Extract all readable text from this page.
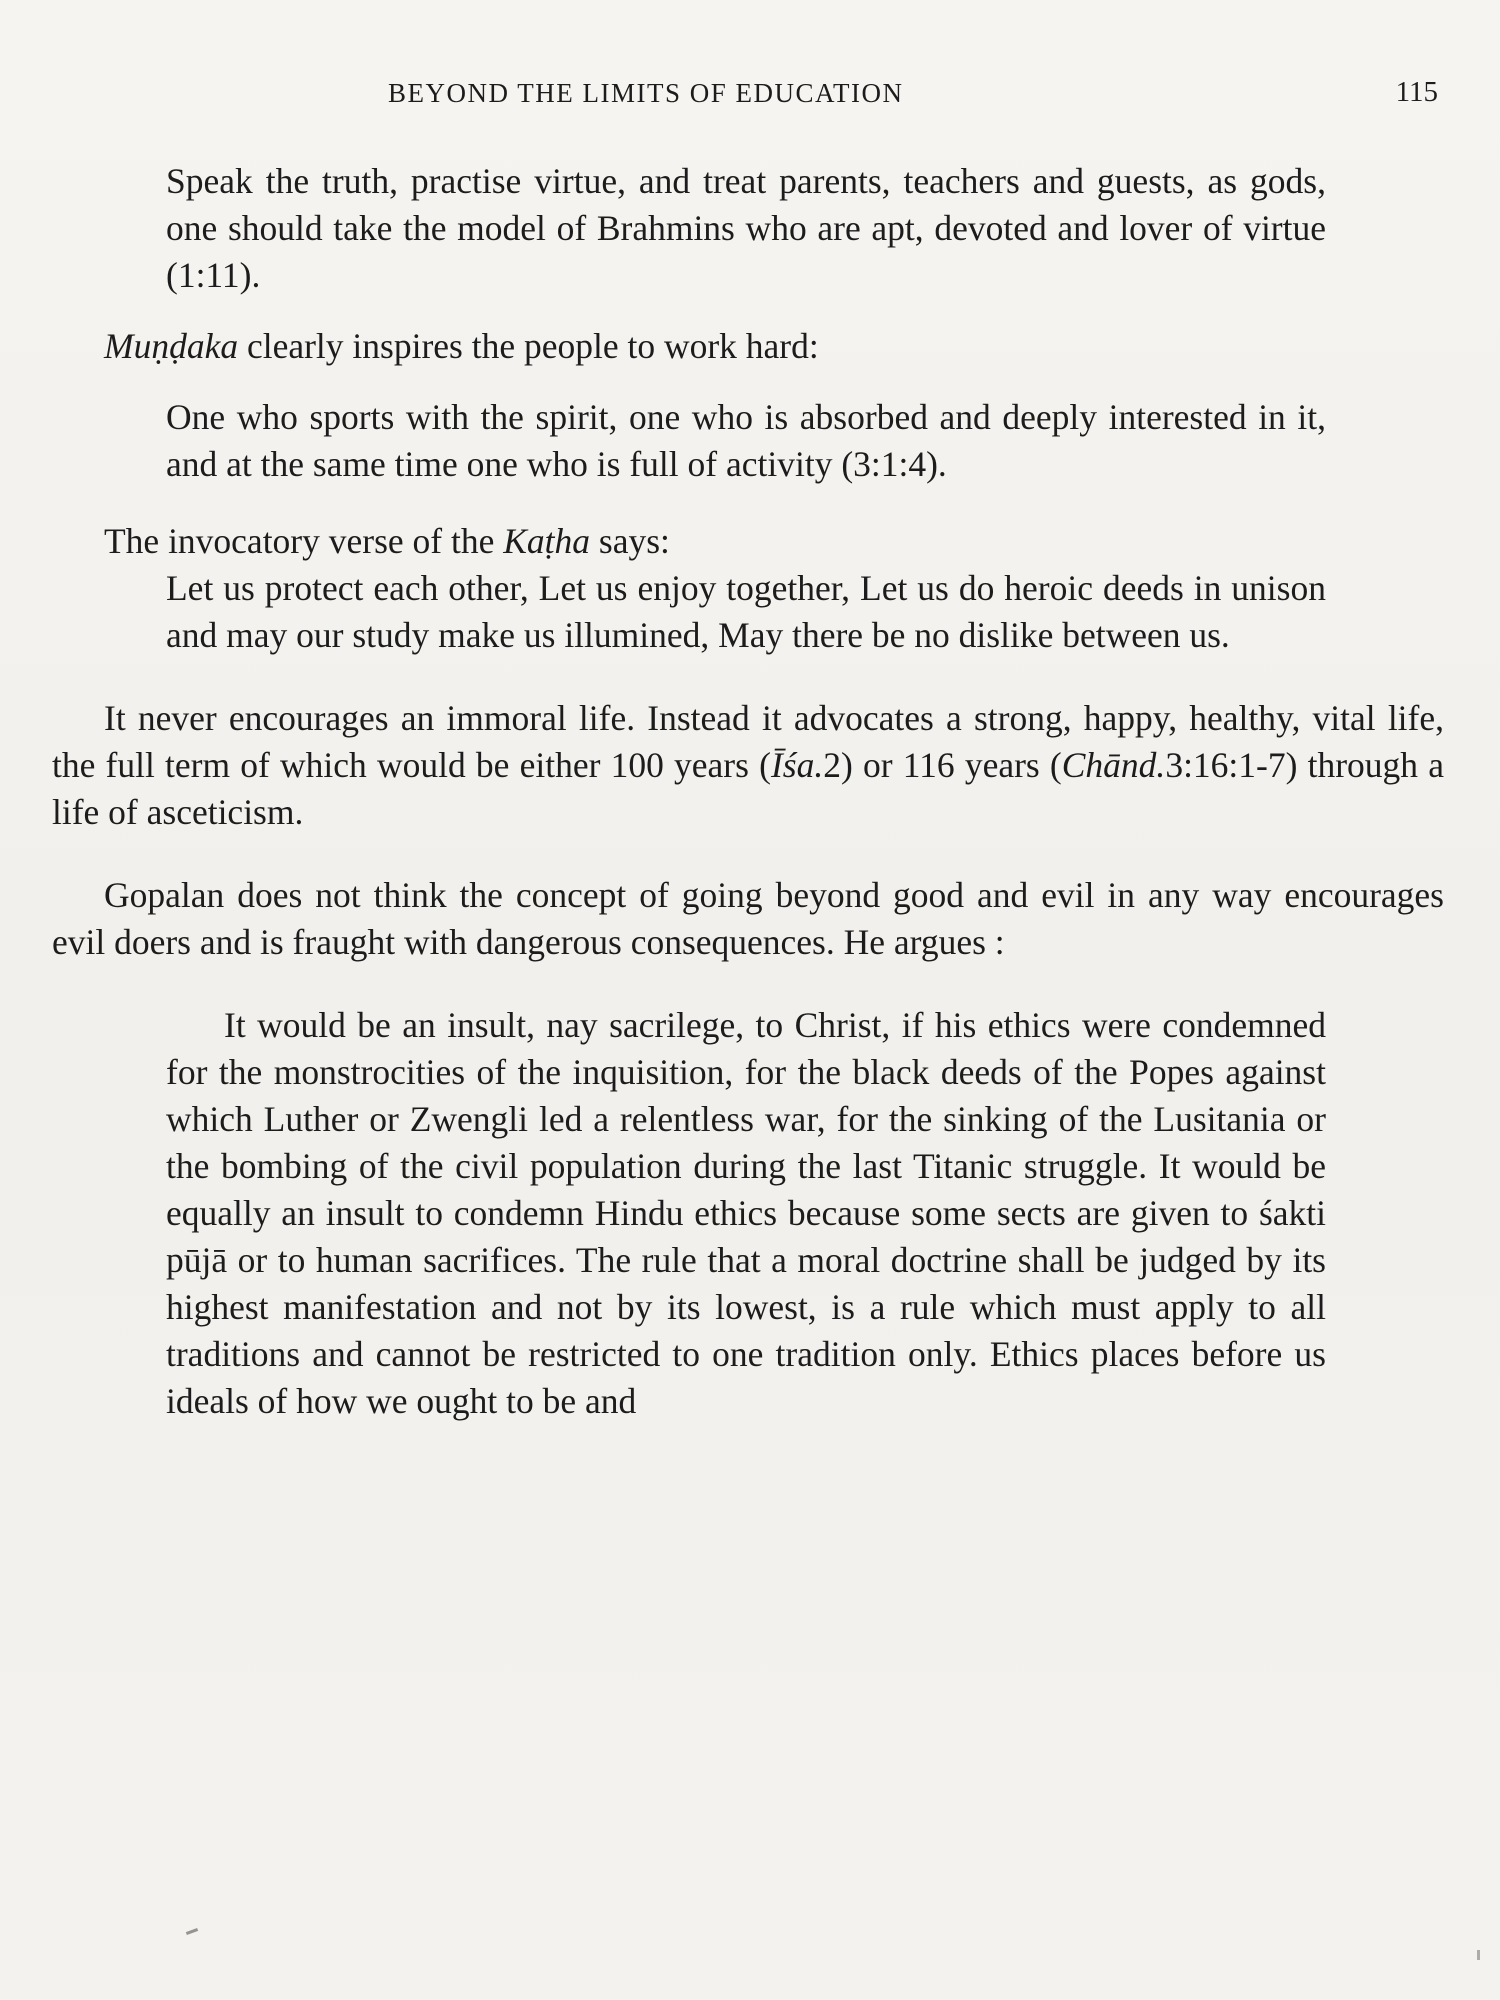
BEYOND THE LIMITS OF EDUCATION	115

Speak the truth, practise virtue, and treat parents, teachers and guests, as gods, one should take the model of Brahmins who are apt, devoted and lover of virtue (1:11).

Muṇḍaka clearly inspires the people to work hard:

One who sports with the spirit, one who is absorbed and deeply interested in it, and at the same time one who is full of activity (3:1:4).

The invocatory verse of the Kaṭha says:

Let us protect each other, Let us enjoy together, Let us do heroic deeds in unison and may our study make us illumined, May there be no dislike between us.

It never encourages an immoral life. Instead it advocates a strong, happy, healthy, vital life, the full term of which would be either 100 years (Īśa.2) or 116 years (Chānd.3:16:1-7) through a life of asceticism.

Gopalan does not think the concept of going beyond good and evil in any way encourages evil doers and is fraught with dangerous consequences. He argues :

It would be an insult, nay sacrilege, to Christ, if his ethics were condemned for the monstrocities of the inquisition, for the black deeds of the Popes against which Luther or Zwengli led a relentless war, for the sinking of the Lusitania or the bombing of the civil population during the last Titanic struggle. It would be equally an insult to condemn Hindu ethics because some sects are given to śakti pūjā or to human sacrifices. The rule that a moral doctrine shall be judged by its highest manifestation and not by its lowest, is a rule which must apply to all traditions and cannot be restricted to one tradition only. Ethics places before us ideals of how we ought to be and
